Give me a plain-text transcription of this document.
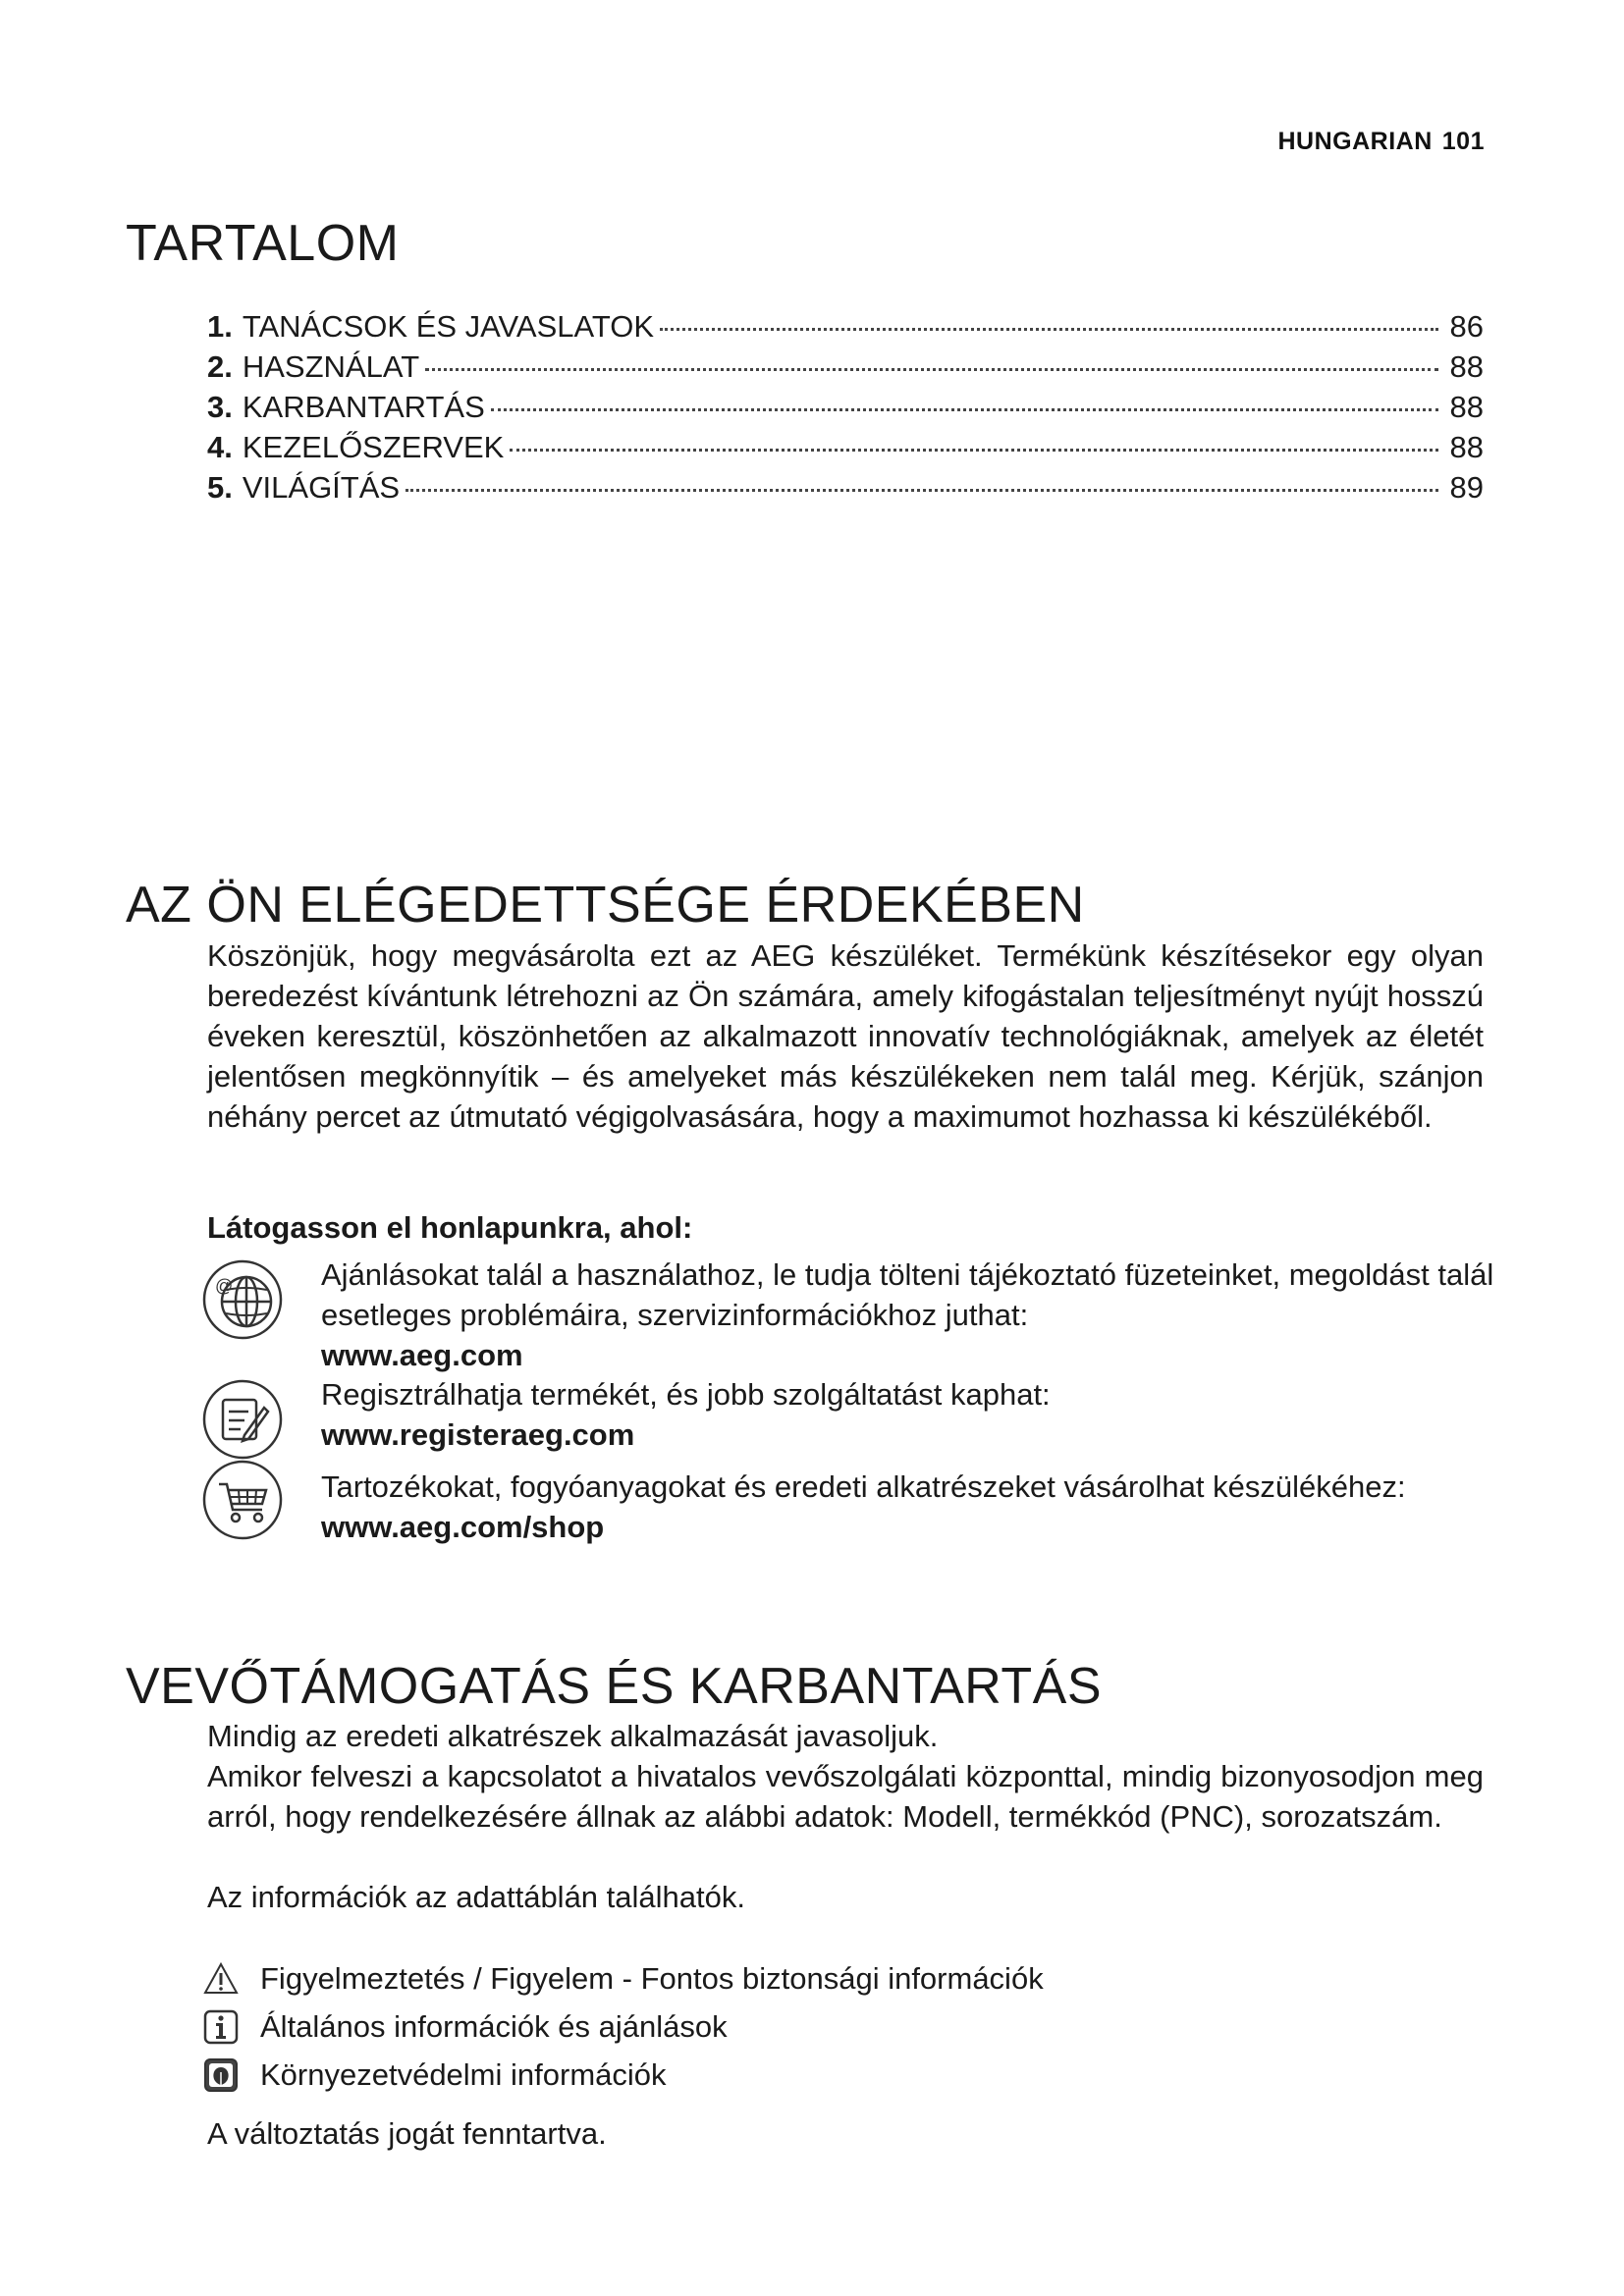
HUNGARIAN 101
TARTALOM
1. TANÁCSOK ÉS JAVASLATOK	86
2. HASZNÁLAT	88
3. KARBANTARTÁS	88
4. KEZELŐSZERVEK	88
5. VILÁGÍTÁS	89
AZ ÖN ELÉGEDETTSÉGE ÉRDEKÉBEN

Köszönjük, hogy megvásárolta ezt az AEG készüléket. Termékünk készítésekor egy olyan beredezést kívántunk létrehozni az Ön számára, amely kifogástalan teljesítményt nyújt hosszú éveken keresztül, köszönhetően az alkalmazott innovatív technológiáknak, amelyek az életét jelentősen megkönnyítik – és amelyeket más készülékeken nem talál meg. Kérjük, szánjon néhány percet az útmutató végigolvasására, hogy a maximumot hozhassa ki készülékéből.

Látogasson el honlapunkra, ahol:
@	Ajánlásokat talál a használathoz, le tudja tölteni tájékoztató füzeteinket, megoldást talál esetleges problémáira, szervizinformációkhoz juthat:
www.aeg.com
Regisztrálhatja termékét, és jobb szolgáltatást kaphat:
www.registeraeg.com
Tartozékokat, fogyóanyagokat és eredeti alkatrészeket vásárolhat készülékéhez:
www.aeg.com/shop
VEVŐTÁMOGATÁS ÉS KARBANTARTÁS

Mindig az eredeti alkatrészek alkalmazását javasoljuk.

Amikor felveszi a kapcsolatot a hivatalos vevőszolgálati központtal, mindig bizonyosodjon meg arról, hogy rendelkezésére állnak az alábbi adatok: Modell, termékkód (PNC), sorozatszám.

Az információk az adattáblán találhatók.

Figyelmeztetés / Figyelem - Fontos biztonsági információk
Általános információk és ajánlások
Környezetvédelmi információk
A változtatás jogát fenntartva.
